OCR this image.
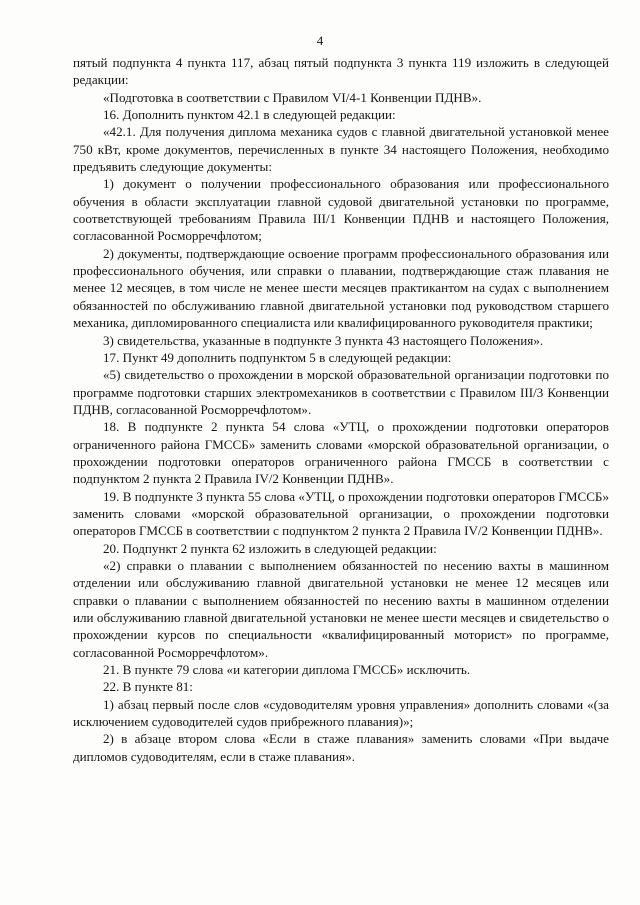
4

пятый подпункта 4 пункта 117, абзац пятый подпункта 3 пункта 119 изложить в следующей редакции:

«Подготовка в соответствии с Правилом VI/4-1 Конвенции ПДНВ».

16. Дополнить пунктом 42.1 в следующей редакции:

«42.1. Для получения диплома механика судов с главной двигательной установкой менее 750 кВт, кроме документов, перечисленных в пункте 34 настоящего Положения, необходимо предъявить следующие документы:

1) документ о получении профессионального образования или профессионального обучения в области эксплуатации главной судовой двигательной установки по программе, соответствующей требованиям Правила III/1 Конвенции ПДНВ и настоящего Положения, согласованной Росморречфлотом;

2) документы, подтверждающие освоение программ профессионального образования или профессионального обучения, или справки о плавании, подтверждающие стаж плавания не менее 12 месяцев, в том числе не менее шести месяцев практикантом на судах с выполнением обязанностей по обслуживанию главной двигательной установки под руководством старшего механика, дипломированного специалиста или квалифицированного руководителя практики;

3) свидетельства, указанные в подпункте 3 пункта 43 настоящего Положения».

17. Пункт 49 дополнить подпунктом 5 в следующей редакции:

«5) свидетельство о прохождении в морской образовательной организации подготовки по программе подготовки старших электромехаников в соответствии с Правилом III/3 Конвенции ПДНВ, согласованной Росморречфлотом».

18. В подпункте 2 пункта 54 слова «УТЦ, о прохождении подготовки операторов ограниченного района ГМССБ» заменить словами «морской образовательной организации, о прохождении подготовки операторов ограниченного района ГМССБ в соответствии с подпунктом 2 пункта 2 Правила IV/2 Конвенции ПДНВ».

19. В подпункте 3 пункта 55 слова «УТЦ, о прохождении подготовки операторов ГМССБ» заменить словами «морской образовательной организации, о прохождении подготовки операторов ГМССБ в соответствии с подпунктом 2 пункта 2 Правила IV/2 Конвенции ПДНВ».

20. Подпункт 2 пункта 62 изложить в следующей редакции:

«2) справки о плавании с выполнением обязанностей по несению вахты в машинном отделении или обслуживанию главной двигательной установки не менее 12 месяцев или справки о плавании с выполнением обязанностей по несению вахты в машинном отделении или обслуживанию главной двигательной установки не менее шести месяцев и свидетельство о прохождении курсов по специальности «квалифицированный моторист» по программе, согласованной Росморречфлотом».

21. В пункте 79 слова «и категории диплома ГМССБ» исключить.

22. В пункте 81:

1) абзац первый после слов «судоводителям уровня управления» дополнить словами «(за исключением судоводителей судов прибрежного плавания)»;

2) в абзаце втором слова «Если в стаже плавания» заменить словами «При выдаче дипломов судоводителям, если в стаже плавания».
